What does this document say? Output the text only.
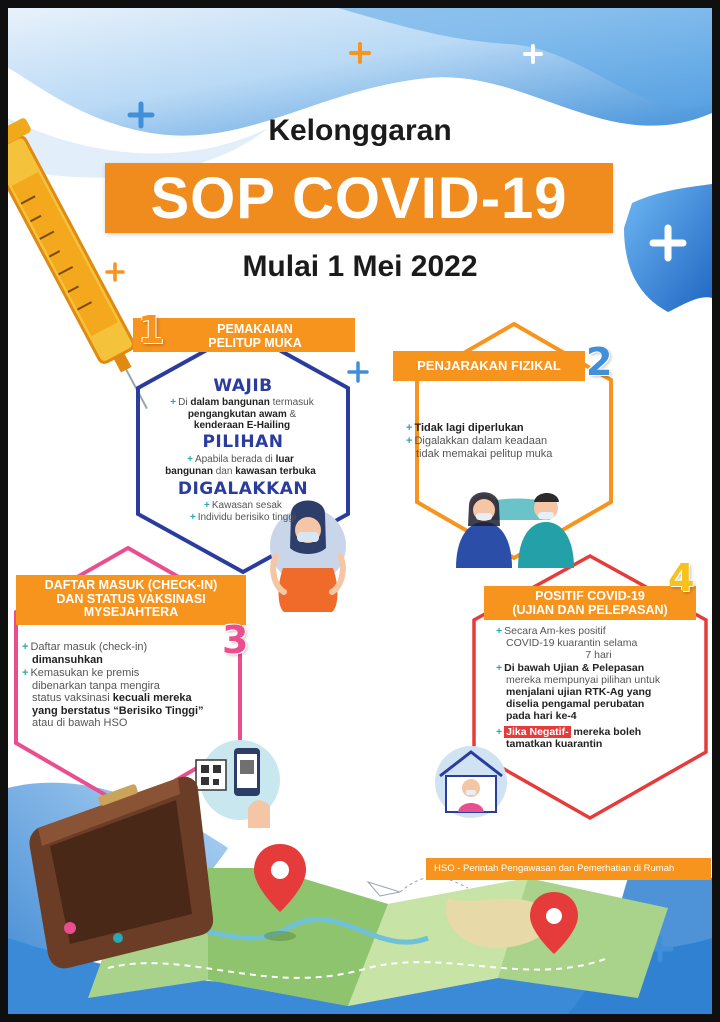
Kelonggaran
SOP COVID-19
Mulai 1 Mei 2022
PEMAKAIAN
PELITUP MUKA
1
WAJIB
+ Di dalam bangunan termasuk
pengangkutan awam &
kenderaan E-Hailing
PILIHAN
+ Apabila berada di luar
bangunan dan kawasan terbuka
DIGALAKKAN
+ Kawasan sesak
+ Individu berisiko tinggi
PENJARAKAN FIZIKAL 2
+ Tidak lagi diperlukan
+ Digalakkan dalam keadaan
tidak memakai pelitup muka
DAFTAR MASUK (CHECK-IN)
DAN STATUS VAKSINASI
MYSEJAHTERA
3
+ Daftar masuk (check-in)
dimansuhkan
+ Kemasukan ke premis
dibenarkan tanpa mengira
status vaksinasi kecuali mereka
yang berstatus “Berisiko Tinggi”
atau di bawah HSO
POSITIF COVID-19
(UJIAN DAN PELEPASAN)
4
+ Secara Am-kes positif
COVID-19 kuarantin selama

7 hari
+ Di bawah Ujian & Pelepasan
mereka mempunyai pilihan untuk
menjalani ujian RTK-Ag yang
diselia pengamal perubatan
pada hari ke-4
+ Jika Negatif- mereka boleh
tamatkan kuarantin
HSO - Perintah Pengawasan dan Pemerhatian di Rumah
